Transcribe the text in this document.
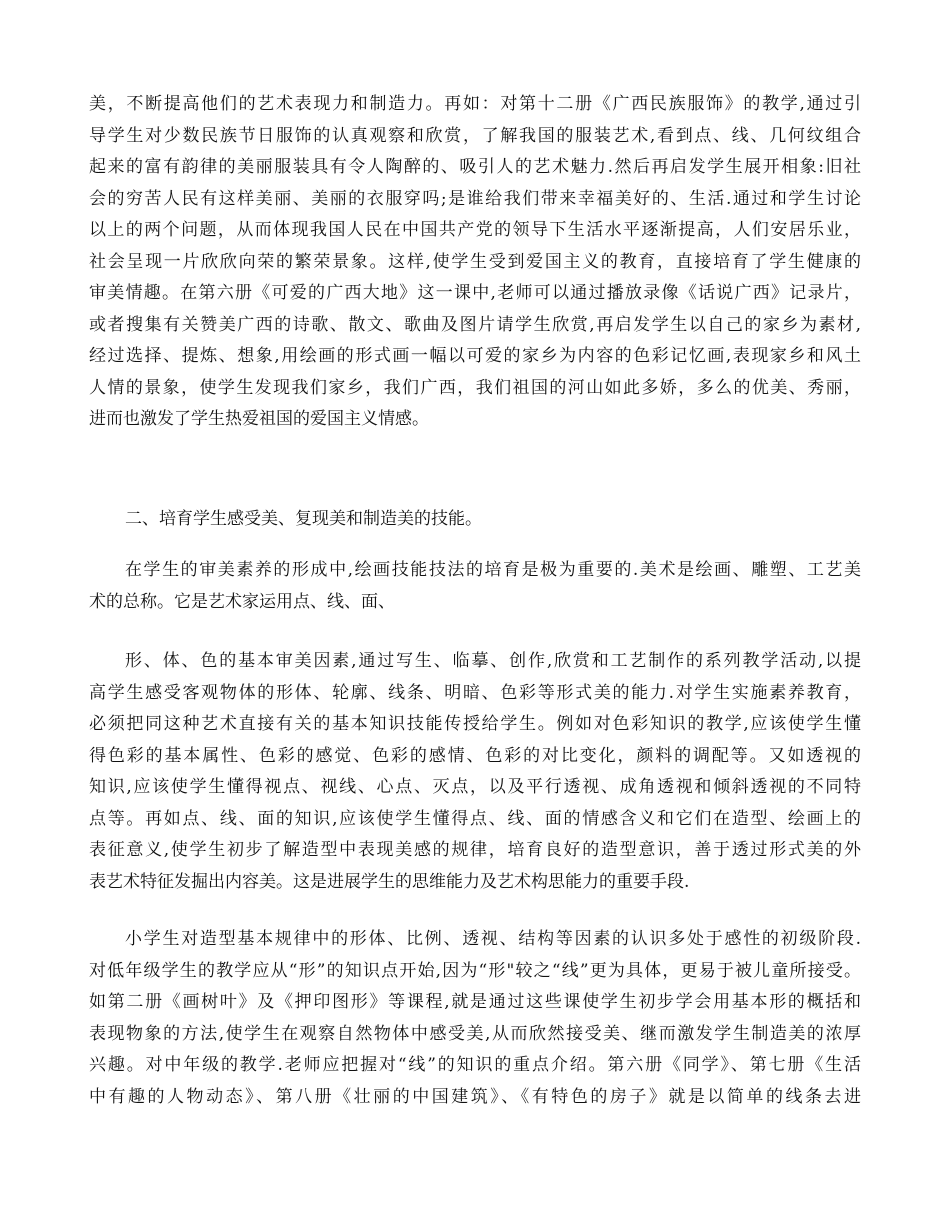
美，不断提高他们的艺术表现力和制造力。再如：对第十二册《广西民族服饰》的教学,通过引
导学生对少数民族节日服饰的认真观察和欣赏，了解我国的服装艺术,看到点、线、几何纹组合
起来的富有韵律的美丽服装具有令人陶醉的、吸引人的艺术魅力.然后再启发学生展开相象:旧社
会的穷苦人民有这样美丽、美丽的衣服穿吗;是谁给我们带来幸福美好的、生活.通过和学生讨论
以上的两个问题，从而体现我国人民在中国共产党的领导下生活水平逐渐提高，人们安居乐业，
社会呈现一片欣欣向荣的繁荣景象。这样,使学生受到爱国主义的教育，直接培育了学生健康的
审美情趣。在第六册《可爱的广西大地》这一课中,老师可以通过播放录像《话说广西》记录片，
或者搜集有关赞美广西的诗歌、散文、歌曲及图片请学生欣赏,再启发学生以自己的家乡为素材,
经过选择、提炼、想象,用绘画的形式画一幅以可爱的家乡为内容的色彩记忆画,表现家乡和风土
人情的景象，使学生发现我们家乡，我们广西，我们祖国的河山如此多娇，多么的优美、秀丽，
进而也激发了学生热爱祖国的爱国主义情感。
二、培育学生感受美、复现美和制造美的技能。
在学生的审美素养的形成中,绘画技能技法的培育是极为重要的.美术是绘画、雕塑、工艺美
术的总称。它是艺术家运用点、线、面、
形、体、色的基本审美因素,通过写生、临摹、创作,欣赏和工艺制作的系列教学活动,以提
高学生感受客观物体的形体、轮廓、线条、明暗、色彩等形式美的能力.对学生实施素养教育，
必须把同这种艺术直接有关的基本知识技能传授给学生。例如对色彩知识的教学,应该使学生懂
得色彩的基本属性、色彩的感觉、色彩的感情、色彩的对比变化，颜料的调配等。又如透视的
知识,应该使学生懂得视点、视线、心点、灭点，以及平行透视、成角透视和倾斜透视的不同特
点等。再如点、线、面的知识,应该使学生懂得点、线、面的情感含义和它们在造型、绘画上的
表征意义,使学生初步了解造型中表现美感的规律，培育良好的造型意识，善于透过形式美的外
表艺术特征发掘出内容美。这是进展学生的思维能力及艺术构思能力的重要手段.
小学生对造型基本规律中的形体、比例、透视、结构等因素的认识多处于感性的初级阶段.
对低年级学生的教学应从“形”的知识点开始,因为“形"较之“线”更为具体，更易于被儿童所接受。
如第二册《画树叶》及《押印图形》等课程,就是通过这些课使学生初步学会用基本形的概括和
表现物象的方法,使学生在观察自然物体中感受美,从而欣然接受美、继而激发学生制造美的浓厚
兴趣。对中年级的教学.老师应把握对“线”的知识的重点介绍。第六册《同学》、第七册《生活
中有趣的人物动态》、第八册《壮丽的中国建筑》、《有特色的房子》就是以简单的线条去进
